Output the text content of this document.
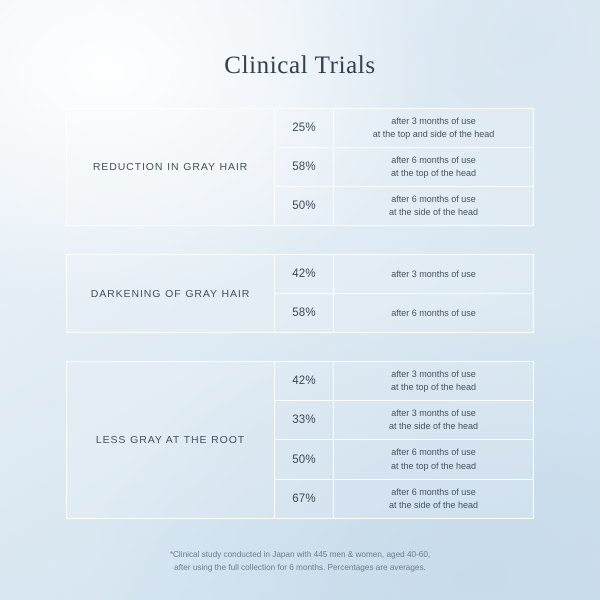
Clinical Trials
REDUCTION IN GRAY HAIR
25%
after 3 months of use
at the top and side of the head
58%
after 6 months of use
at the top of the head
50%
after 6 months of use
at the side of the head
DARKENING OF GRAY HAIR
42%	after 3 months of use
58%	after 6 months of use
LESS GRAY AT THE ROOT
42%
after 3 months of use
at the top of the head
33%
after 3 months of use
at the side of the head
50%
after 6 months of use
at the top of the head
67%
after 6 months of use
at the side of the head
*Clinical study conducted in Japan with 445 men & women, aged 40-60,
after using the full collection for 6 months. Percentages are averages.
